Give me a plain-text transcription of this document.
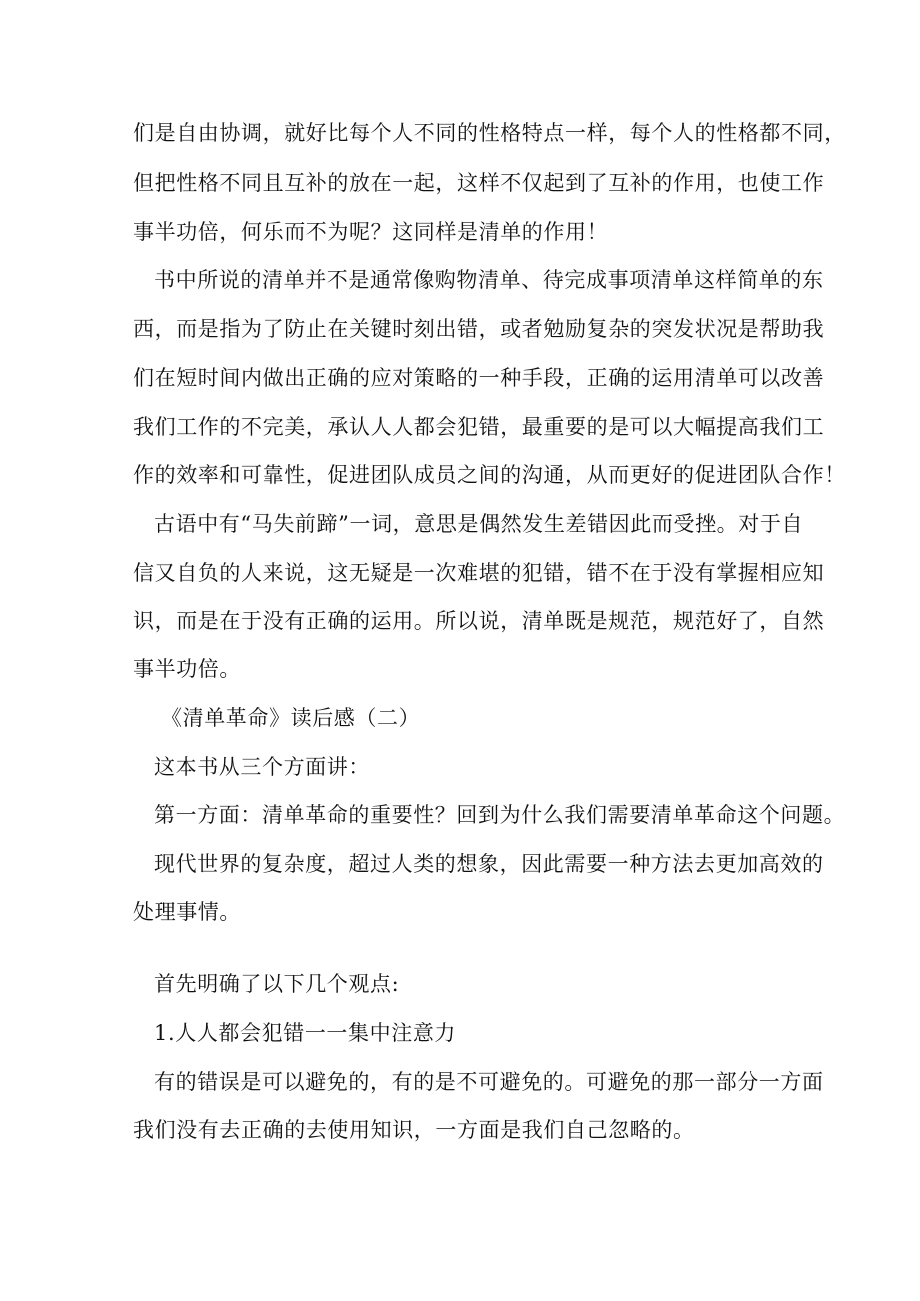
们是自由协调，就好比每个人不同的性格特点一样，每个人的性格都不同，
但把性格不同且互补的放在一起，这样不仅起到了互补的作用，也使工作
事半功倍，何乐而不为呢？这同样是清单的作用！
书中所说的清单并不是通常像购物清单、待完成事项清单这样简单的东
西，而是指为了防止在关键时刻出错，或者勉励复杂的突发状况是帮助我
们在短时间内做出正确的应对策略的一种手段，正确的运用清单可以改善
我们工作的不完美，承认人人都会犯错，最重要的是可以大幅提高我们工
作的效率和可靠性，促进团队成员之间的沟通，从而更好的促进团队合作！
古语中有“马失前蹄”一词，意思是偶然发生差错因此而受挫。对于自
信又自负的人来说，这无疑是一次难堪的犯错，错不在于没有掌握相应知
识，而是在于没有正确的运用。所以说，清单既是规范，规范好了，自然
事半功倍。
《清单革命》读后感（二）
这本书从三个方面讲：
第一方面：清单革命的重要性？回到为什么我们需要清单革命这个问题。
现代世界的复杂度，超过人类的想象，因此需要一种方法去更加高效的
处理事情。
首先明确了以下几个观点:
1.人人都会犯错一一集中注意力
有的错误是可以避免的，有的是不可避免的。可避免的那一部分一方面
我们没有去正确的去使用知识，一方面是我们自己忽略的。
